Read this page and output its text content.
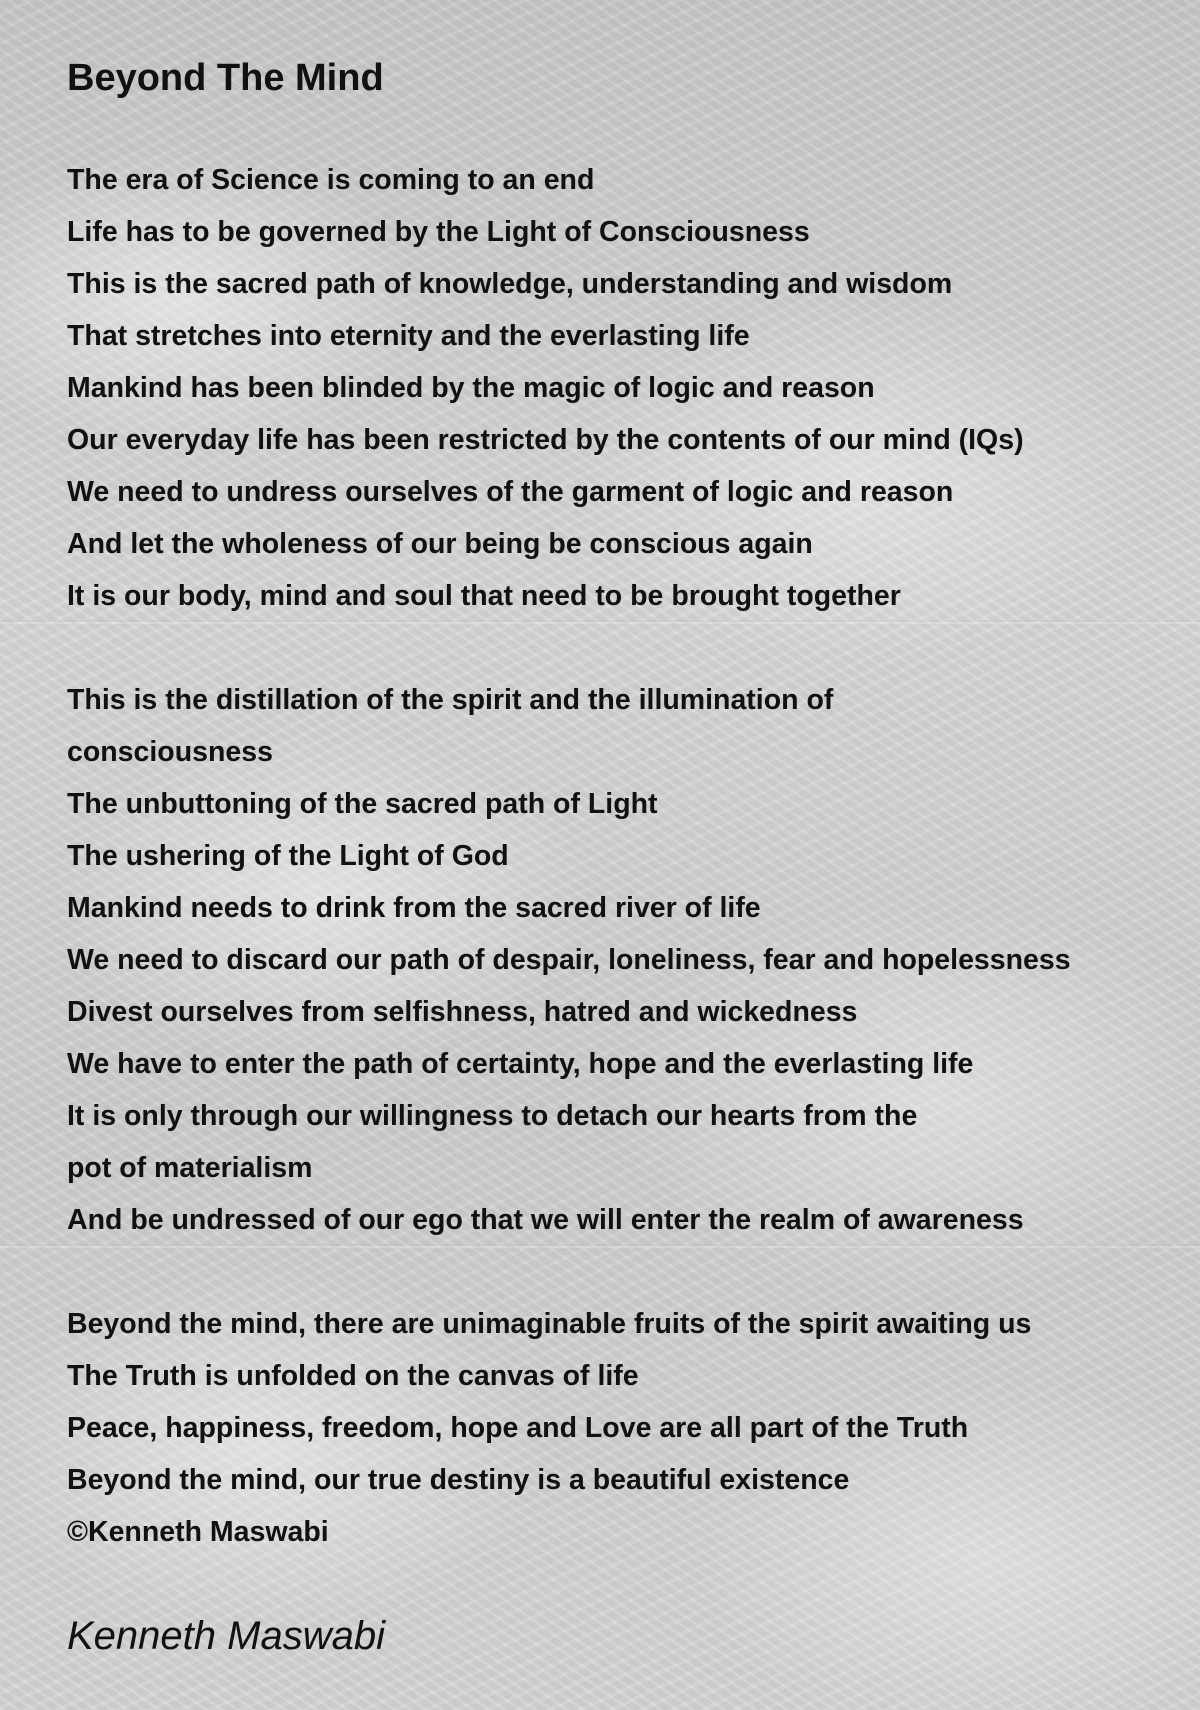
Beyond The Mind
The era of Science is coming to an end
Life has to be governed by the Light of Consciousness
This is the sacred path of knowledge, understanding and wisdom
That stretches into eternity and the everlasting life
Mankind has been blinded by the magic of logic and reason
Our everyday life has been restricted by the contents of our mind (IQs)
We need to undress ourselves of the garment of logic and reason
And let the wholeness of our being be conscious again
It is our body, mind and soul that need to be brought together
This is the distillation of the spirit and the illumination of
consciousness
The unbuttoning of the sacred path of Light
The ushering of the Light of God
Mankind needs to drink from the sacred river of life
We need to discard our path of despair, loneliness, fear and hopelessness
Divest ourselves from selfishness, hatred and wickedness
We have to enter the path of certainty, hope and the everlasting life
It is only through our willingness to detach our hearts from the
pot of materialism
And be undressed of our ego that we will enter the realm of awareness
Beyond the mind, there are unimaginable fruits of the spirit awaiting us
The Truth is unfolded on the canvas of life
Peace, happiness, freedom, hope and Love are all part of the Truth
Beyond the mind, our true destiny is a beautiful existence
©Kenneth Maswabi
Kenneth Maswabi
